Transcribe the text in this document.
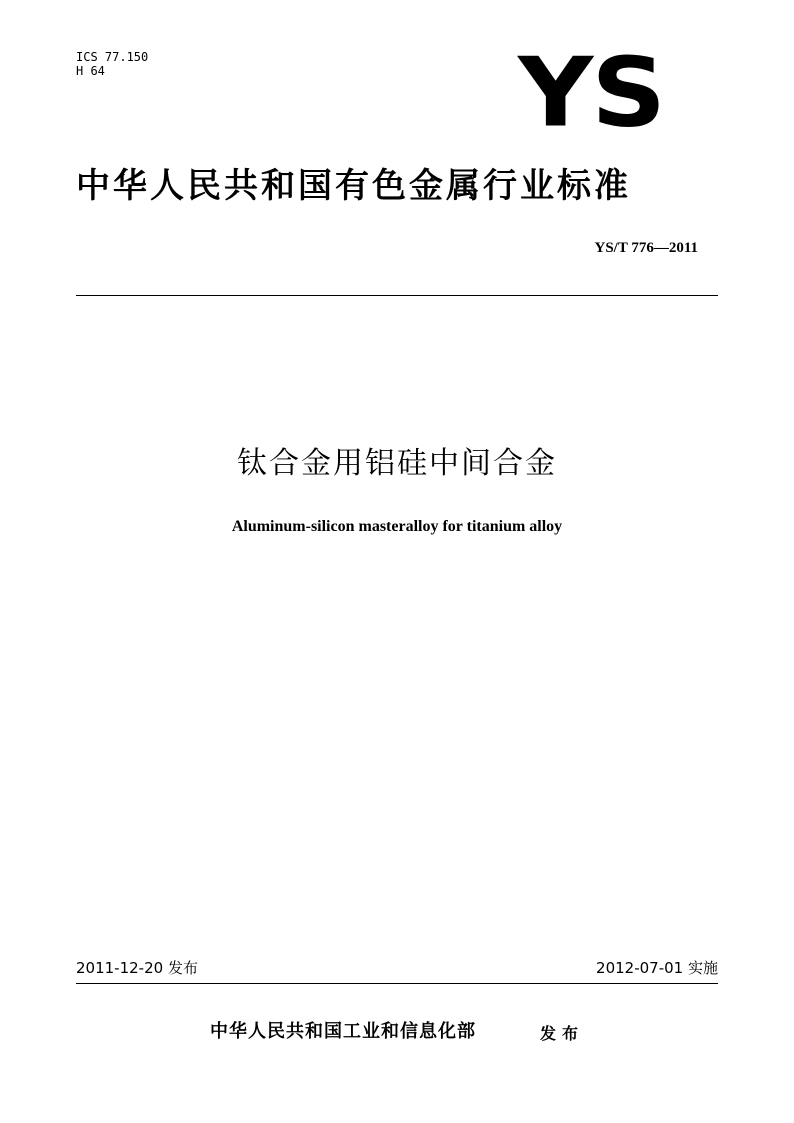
ICS 77.150
H 64	YS
中华人民共和国有色金属行业标准
YS/T 776—2011
钛合金用铝硅中间合金
Aluminum-silicon masteralloy for titanium alloy
2011-12-20 发布	2012-07-01 实施
中华人民共和国工业和信息化部	发布
